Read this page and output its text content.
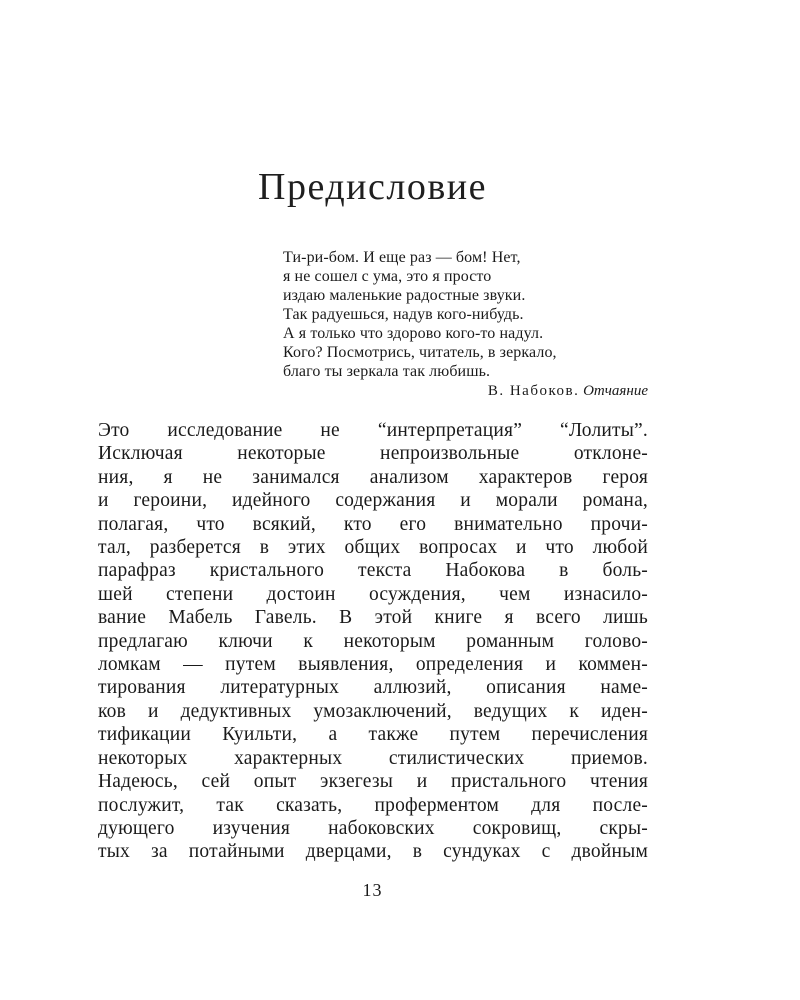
Предисловие
Ти-ри-бом. И еще раз — бом! Нет,
я не сошел с ума, это я просто
издаю маленькие радостные звуки.
Так радуешься, надув кого-нибудь.
А я только что здорово кого-то надул.
Кого? Посмотрись, читатель, в зеркало,
благо ты зеркала так любишь.
В. Набоков. Отчаяние
Это исследование не “интерпретация” “Лолиты”.
Исключая некоторые непроизвольные отклоне-
ния, я не занимался анализом характеров героя
и героини, идейного содержания и морали романа,
полагая, что всякий, кто его внимательно прочи-
тал, разберется в этих общих вопросах и что любой
парафраз кристального текста Набокова в боль-
шей степени достоин осуждения, чем изнасило-
вание Мабель Гавель. В этой книге я всего лишь
предлагаю ключи к некоторым романным голово-
ломкам — путем выявления, определения и коммен-
тирования литературных аллюзий, описания наме-
ков и дедуктивных умозаключений, ведущих к иден-
тификации Куильти, а также путем перечисления
некоторых характерных стилистических приемов.
Надеюсь, сей опыт экзегезы и пристального чтения
послужит, так сказать, проферментом для после-
дующего изучения набоковских сокровищ, скры-
тых за потайными дверцами, в сундуках с двойным
13
